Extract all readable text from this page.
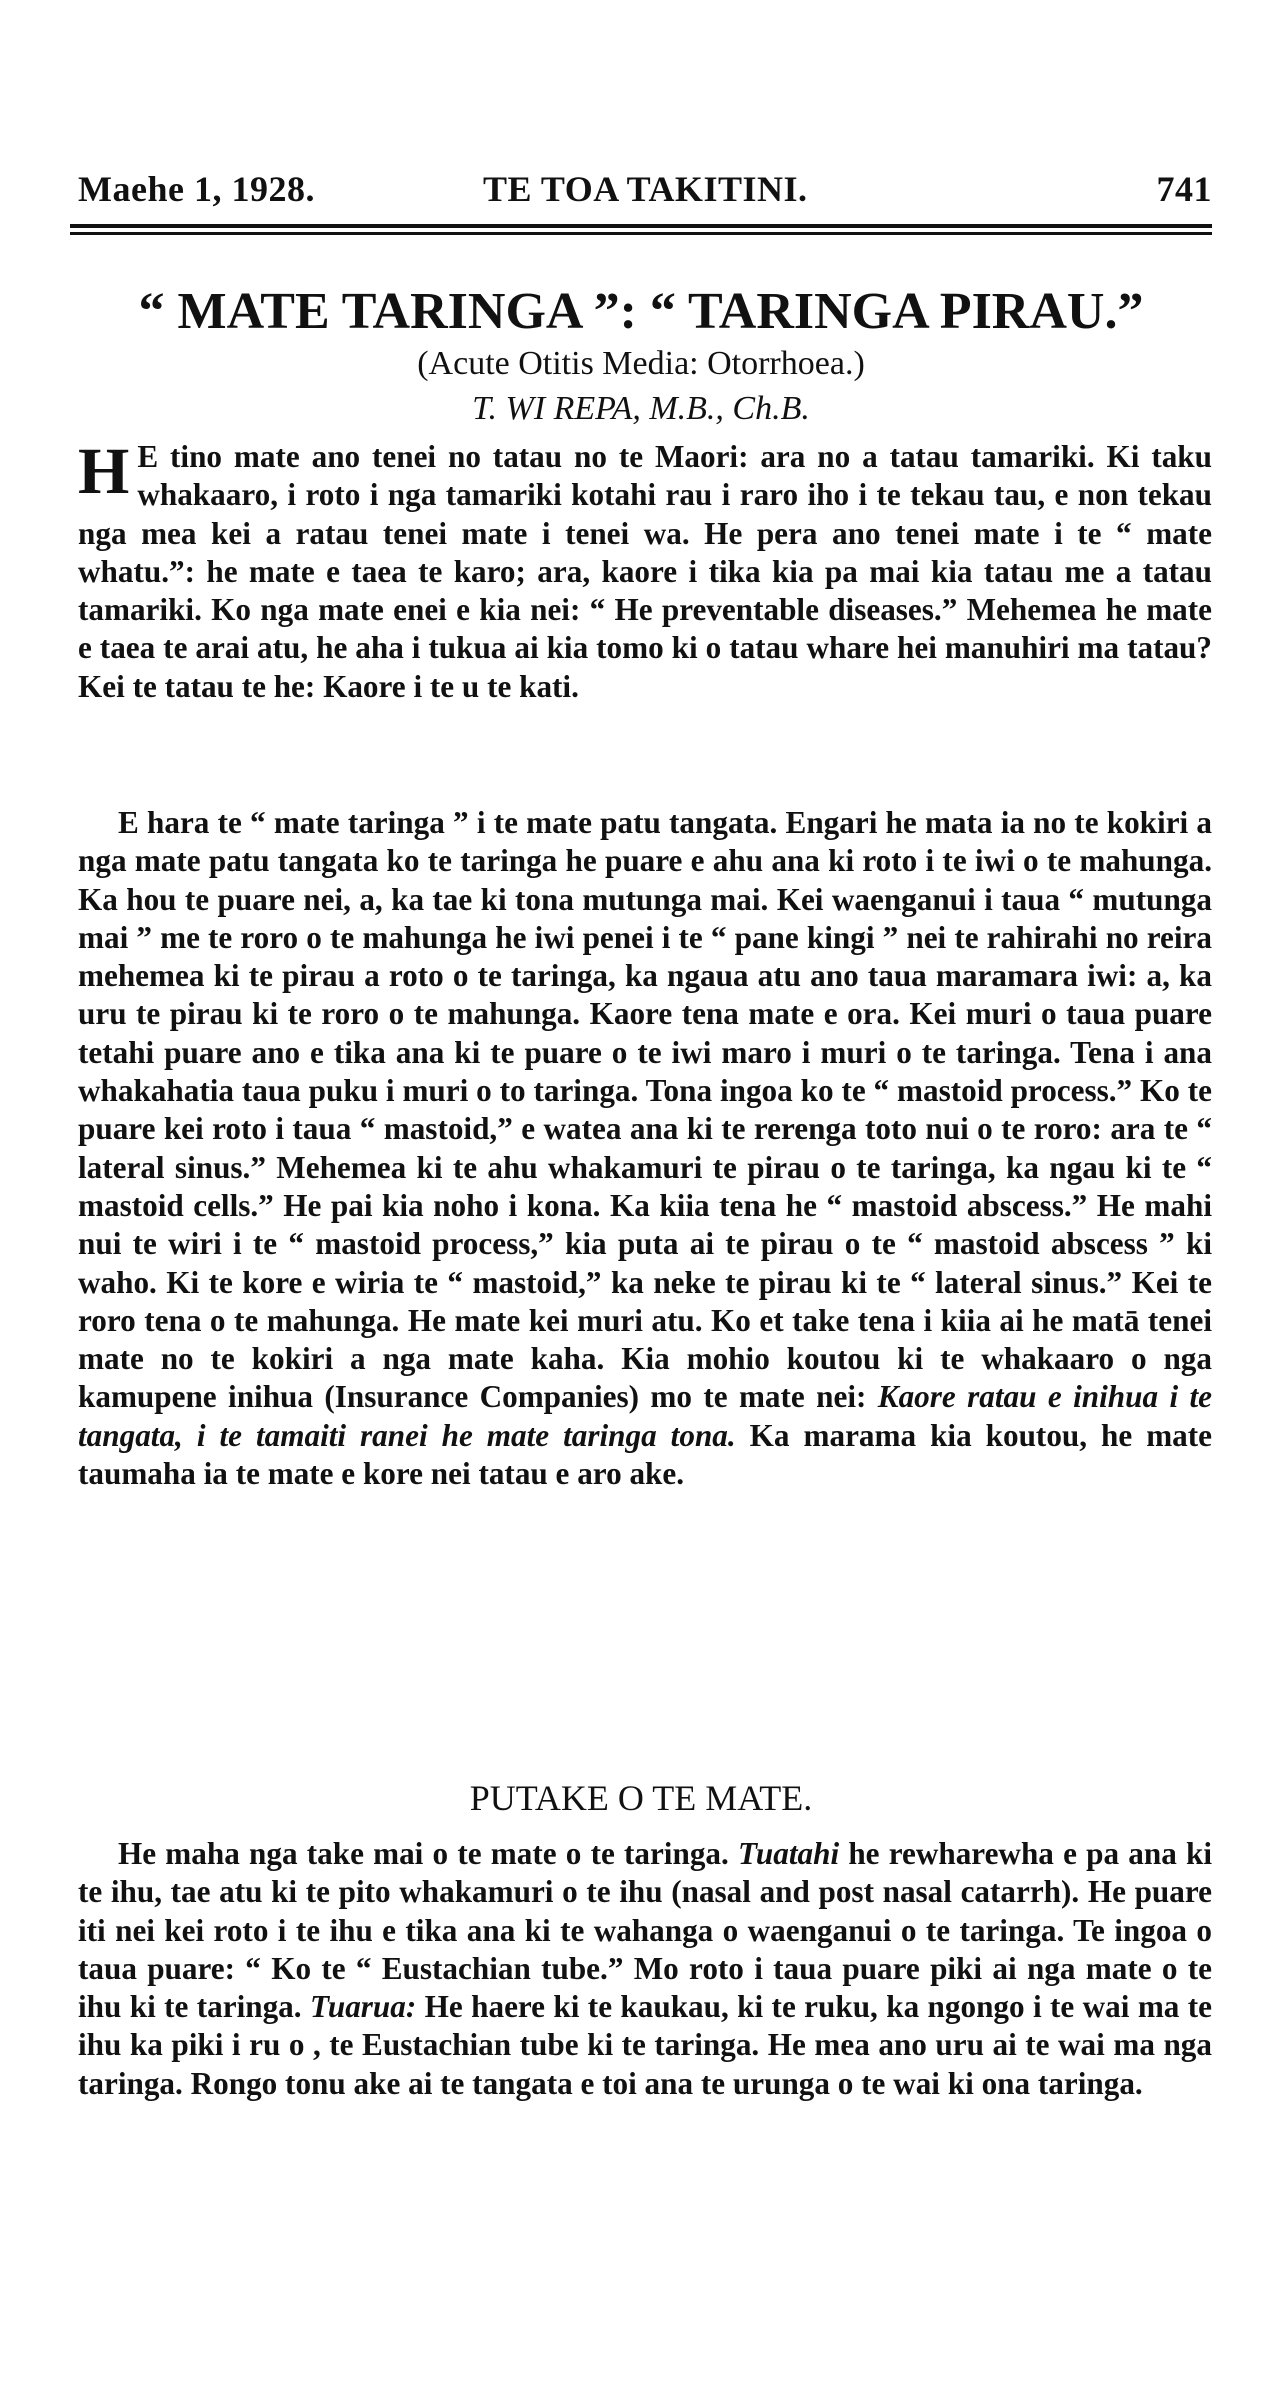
Maehe 1, 1928.	TE TOA TAKITINI.	741
“ MATE TARINGA ”: “ TARINGA PIRAU.”
(Acute Otitis Media: Otorrhoea.)
T. WI REPA, M.B., Ch.B.

H E tino mate ano tenei no tatau no te Maori: ara no a tatau tamariki. Ki taku whakaaro, i roto i nga tamariki kotahi rau i raro iho i te tekau tau, e non tekau nga mea kei a ratau tenei mate i tenei wa. He pera ano tenei mate i te “ mate whatu.”: he mate e taea te karo; ara, kaore i tika kia pa mai kia tatau me a tatau tamariki. Ko nga mate enei e kia nei: “ He preventable diseases.” Mehemea he mate e taea te arai atu, he aha i tukua ai kia tomo ki o tatau whare hei manuhiri ma tatau? Kei te tatau te he: Kaore i te u te kati.

E hara te “ mate taringa ” i te mate patu tangata. Engari he mata ia no te kokiri a nga mate patu tangata ko te taringa he puare e ahu ana ki roto i te iwi o te mahunga. Ka hou te puare nei, a, ka tae ki tona mutunga mai. Kei waenganui i taua “ mutunga mai ” me te roro o te mahunga he iwi penei i te “ pane kingi ” nei te rahirahi no reira mehemea ki te pirau a roto o te taringa, ka ngaua atu ano taua maramara iwi: a, ka uru te pirau ki te roro o te mahunga. Kaore tena mate e ora. Kei muri o taua puare tetahi puare ano e tika ana ki te puare o te iwi maro i muri o te taringa. Tena i ana whakahatia taua puku i muri o to taringa. Tona ingoa ko te “ mastoid process.” Ko te puare kei roto i taua “ mastoid,” e watea ana ki te rerenga toto nui o te roro: ara te “ lateral sinus.” Mehemea ki te ahu whakamuri te pirau o te taringa, ka ngau ki te “ mastoid cells.” He pai kia noho i kona. Ka kiia tena he “ mastoid abscess.” He mahi nui te wiri i te “ mastoid process,” kia puta ai te pirau o te “ mastoid abscess ” ki waho. Ki te kore e wiria te “ mastoid,” ka neke te pirau ki te “ lateral sinus.” Kei te roro tena o te mahunga. He mate kei muri atu. Ko et take tena i kiia ai he matā tenei mate no te kokiri a nga mate kaha. Kia mohio koutou ki te whakaaro o nga kamupene inihua (Insurance Companies) mo te mate nei: Kaore ratau e inihua i te tangata, i te tamaiti ranei he mate taringa tona. Ka marama kia koutou, he mate taumaha ia te mate e kore nei tatau e aro ake.

PUTAKE O TE MATE.

He maha nga take mai o te mate o te taringa. Tuatahi he rewharewha e pa ana ki te ihu, tae atu ki te pito whakamuri o te ihu (nasal and post nasal catarrh). He puare iti nei kei roto i te ihu e tika ana ki te wahanga o waenganui o te taringa. Te ingoa o taua puare: “ Ko te “ Eustachian tube.” Mo roto i taua puare piki ai nga mate o te ihu ki te taringa. Tuarua: He haere ki te kaukau, ki te ruku, ka ngongo i te wai ma te ihu ka piki i ru o , te Eustachian tube ki te taringa. He mea ano uru ai te wai ma nga taringa. Rongo tonu ake ai te tangata e toi ana te urunga o te wai ki ona taringa.
